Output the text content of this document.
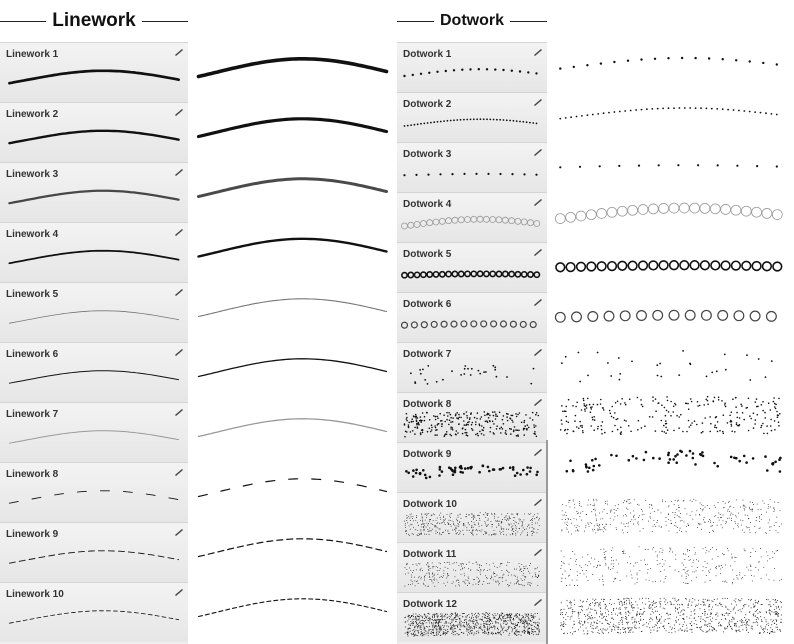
Linework
Linework 1
Linework 2
Linework 3
Linework 4
Linework 5
Linework 6
Linework 7
Linework 8
Linework 9
Linework 10
Dotwork
Dotwork 1
Dotwork 2
Dotwork 3
Dotwork 4
Dotwork 5
Dotwork 6
Dotwork 7
Dotwork 8
Dotwork 9
Dotwork 10
Dotwork 11
Dotwork 12
